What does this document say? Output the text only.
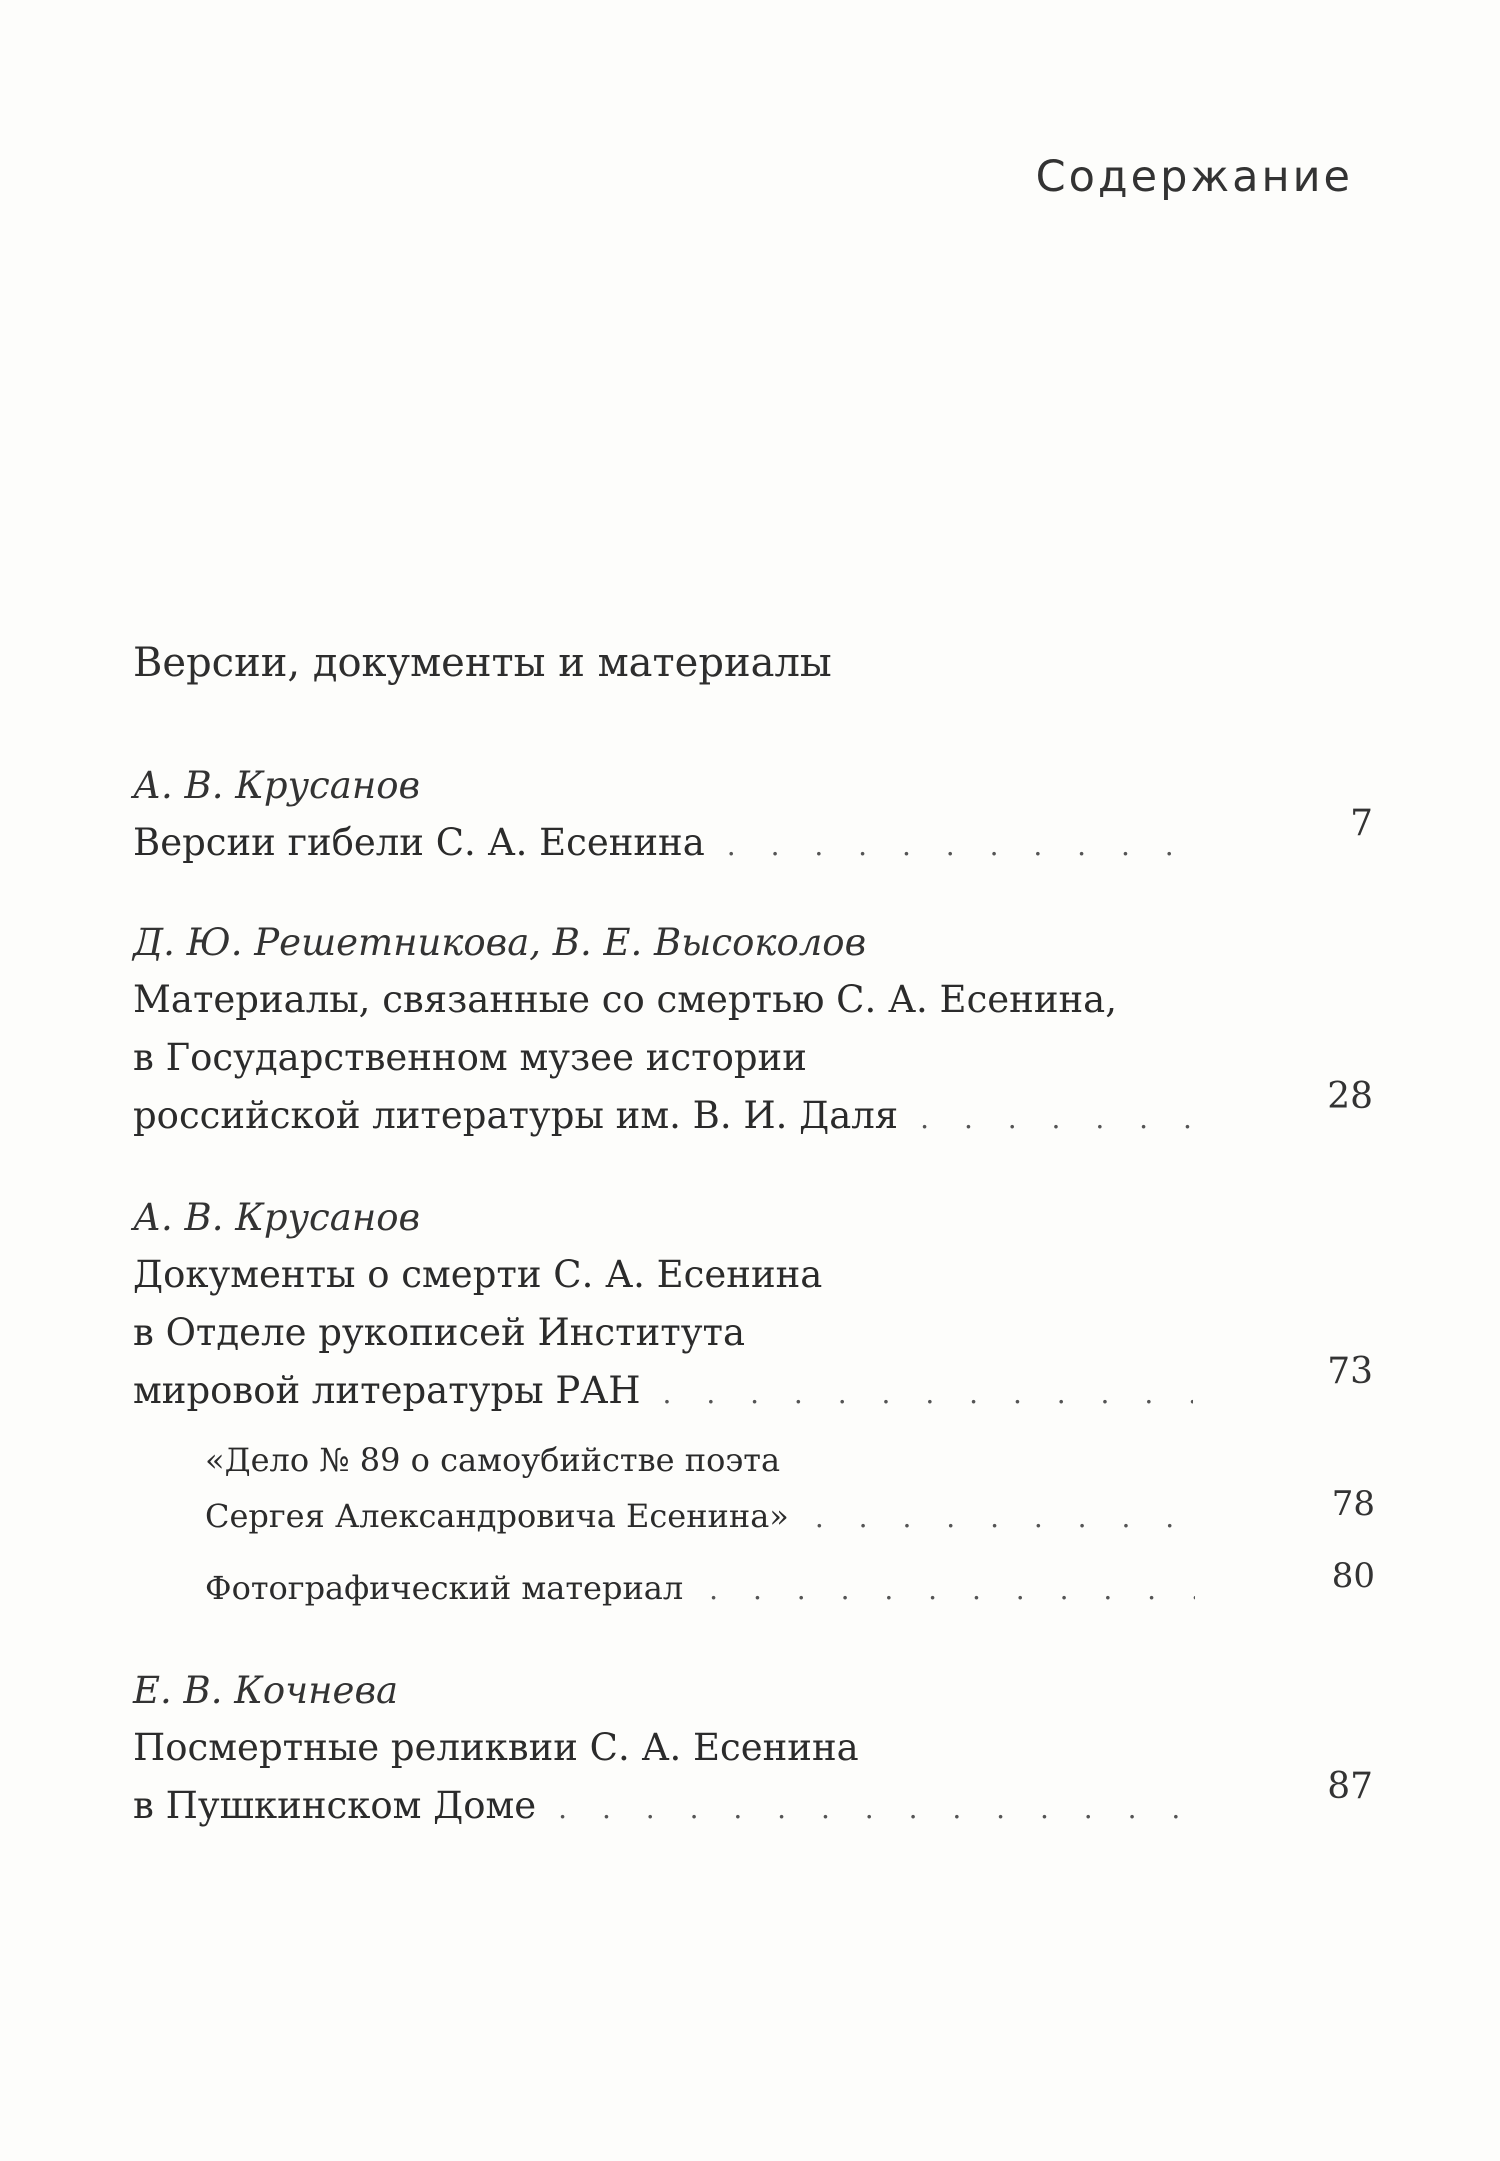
Содержание
Версии, документы и материалы
А. В. Крусанов
Версии гибели С. А. Есенина . . .	7
Д. Ю. Решетникова, В. Е. Высоколов
Материалы, связанные со смертью С. А. Есенина,
в Государственном музее истории
российской литературы им. В. И. Даля . . .	28
А. В. Крусанов
Документы о смерти С. А. Есенина
в Отделе рукописей Института
мировой литературы РАН . . .	73
«Дело № 89 о самоубийстве поэта
Сергея Александровича Есенина» . . .	78
Фотографический материал . . .	80
Е. В. Кочнева
Посмертные реликвии С. А. Есенина
в Пушкинском Доме . . .	87
